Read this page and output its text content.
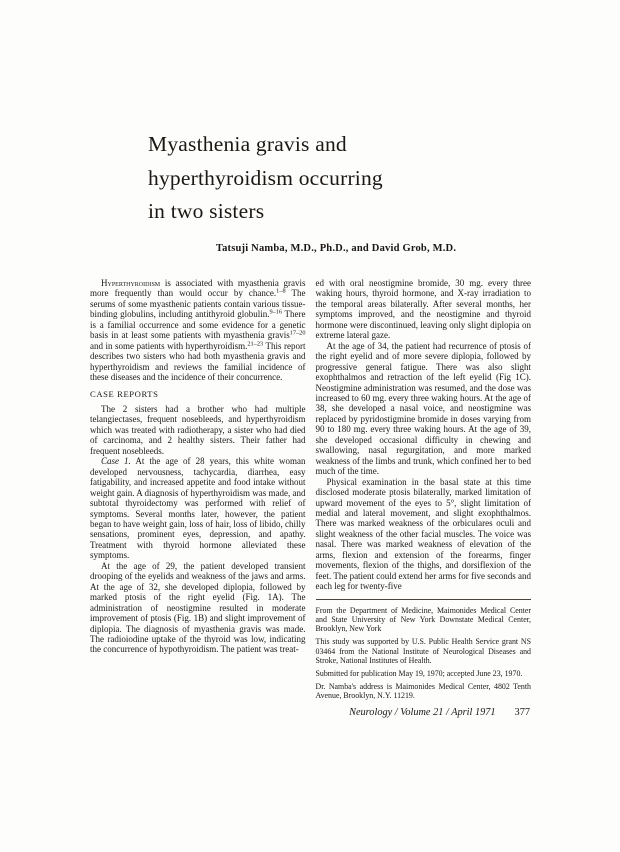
Myasthenia gravis and
hyperthyroidism occurring
in two sisters
Tatsuji Namba, M.D., Ph.D., and David Grob, M.D.

Hyperthyroidism is associated with myasthenia gravis more frequently than would occur by chance.$^{1-8}$ The serums of some myasthenic patients contain various tissue-binding globulins, including antithyroid globulin.$^{9-16}$ There is a familial occurrence and some evidence for a genetic basis in at least some patients with myasthenia gravis$^{17-20}$ and in some patients with hyperthyroidism.$^{21-23}$ This report describes two sisters who had both myasthenia gravis and hyperthyroidism and reviews the familial incidence of these diseases and the incidence of their concurrence.

CASE REPORTS

The 2 sisters had a brother who had multiple telangiectases, frequent nosebleeds, and hyperthyroidism which was treated with radiotherapy, a sister who had died of carcinoma, and 2 healthy sisters. Their father had frequent nosebleeds.

Case 1. At the age of 28 years, this white woman developed nervousness, tachycardia, diarrhea, easy fatigability, and increased appetite and food intake without weight gain. A diagnosis of hyperthyroidism was made, and subtotal thyroidectomy was performed with relief of symptoms. Several months later, however, the patient began to have weight gain, loss of hair, loss of libido, chilly sensations, prominent eyes, depression, and apathy. Treatment with thyroid hormone alleviated these symptoms.

At the age of 29, the patient developed transient drooping of the eyelids and weakness of the jaws and arms. At the age of 32, she developed diplopia, followed by marked ptosis of the right eyelid (Fig. 1A). The administration of neostigmine resulted in moderate improvement of ptosis (Fig. 1B) and slight improvement of diplopia. The diagnosis of myasthenia gravis was made. The radioiodine uptake of the thyroid was low, indicating the concurrence of hypothyroidism. The patient was treat-

ed with oral neostigmine bromide, 30 mg. every three waking hours, thyroid hormone, and X-ray irradiation to the temporal areas bilaterally. After several months, her symptoms improved, and the neostigmine and thyroid hormone were discontinued, leaving only slight diplopia on extreme lateral gaze.

At the age of 34, the patient had recurrence of ptosis of the right eyelid and of more severe diplopia, followed by progressive general fatigue. There was also slight exophthalmos and retraction of the left eyelid (Fig 1C). Neostigmine administration was resumed, and the dose was increased to 60 mg. every three waking hours. At the age of 38, she developed a nasal voice, and neostigmine was replaced by pyridostigmine bromide in doses varying from 90 to 180 mg. every three waking hours. At the age of 39, she developed occasional difficulty in chewing and swallowing, nasal regurgitation, and more marked weakness of the limbs and trunk, which confined her to bed much of the time.

Physical examination in the basal state at this time disclosed moderate ptosis bilaterally, marked limitation of upward movement of the eyes to 5°, slight limitation of medial and lateral movement, and slight exophthalmos. There was marked weakness of the orbiculares oculi and slight weakness of the other facial muscles. The voice was nasal. There was marked weakness of elevation of the arms, flexion and extension of the forearms, finger movements, flexion of the thighs, and dorsiflexion of the feet. The patient could extend her arms for five seconds and each leg for twenty-five

From the Department of Medicine, Maimonides Medical Center and State University of New York Downstate Medical Center, Brooklyn, New York
This study was supported by U.S. Public Health Service grant NS 03464 from the National Institute of Neurological Diseases and Stroke, National Institutes of Health.
Submitted for publication May 19, 1970; accepted June 23, 1970.
Dr. Namba's address is Maimonides Medical Center, 4802 Tenth Avenue, Brooklyn, N.Y. 11219.
Neurology / Volume 21 / April 1971 377
